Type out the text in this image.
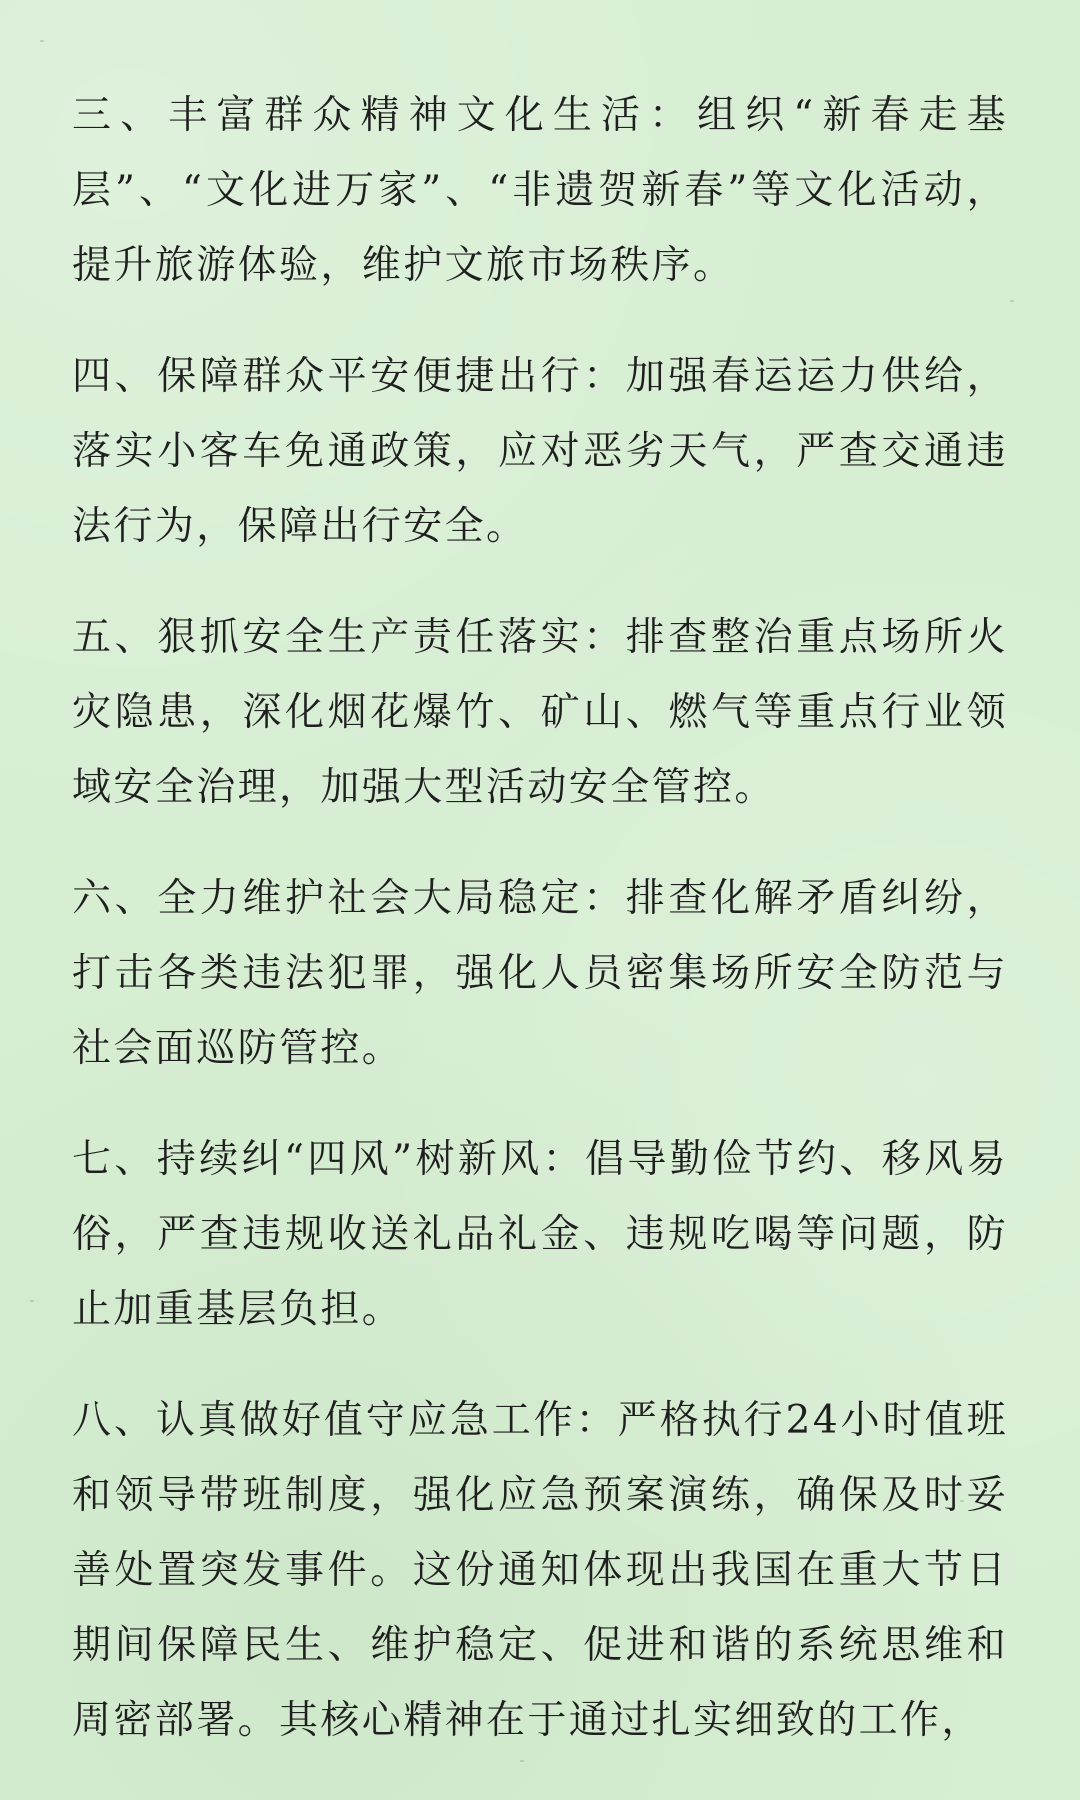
三、丰富群众精神文化生活：组织“新春走基层”、“文化进万家”、“非遗贺新春”等文化活动，提升旅游体验，维护文旅市场秩序。

四、保障群众平安便捷出行：加强春运运力供给，落实小客车免通政策，应对恶劣天气，严查交通违法行为，保障出行安全。

五、狠抓安全生产责任落实：排查整治重点场所火灾隐患，深化烟花爆竹、矿山、燃气等重点行业领域安全治理，加强大型活动安全管控。

六、全力维护社会大局稳定：排查化解矛盾纠纷，打击各类违法犯罪，强化人员密集场所安全防范与社会面巡防管控。

七、持续纠“四风”树新风：倡导勤俭节约、移风易俗，严查违规收送礼品礼金、违规吃喝等问题，防止加重基层负担。

八、认真做好值守应急工作：严格执行24小时值班和领导带班制度，强化应急预案演练，确保及时妥善处置突发事件。这份通知体现出我国在重大节日期间保障民生、维护稳定、促进和谐的系统思维和周密部署。其核心精神在于通过扎实细致的工作，
